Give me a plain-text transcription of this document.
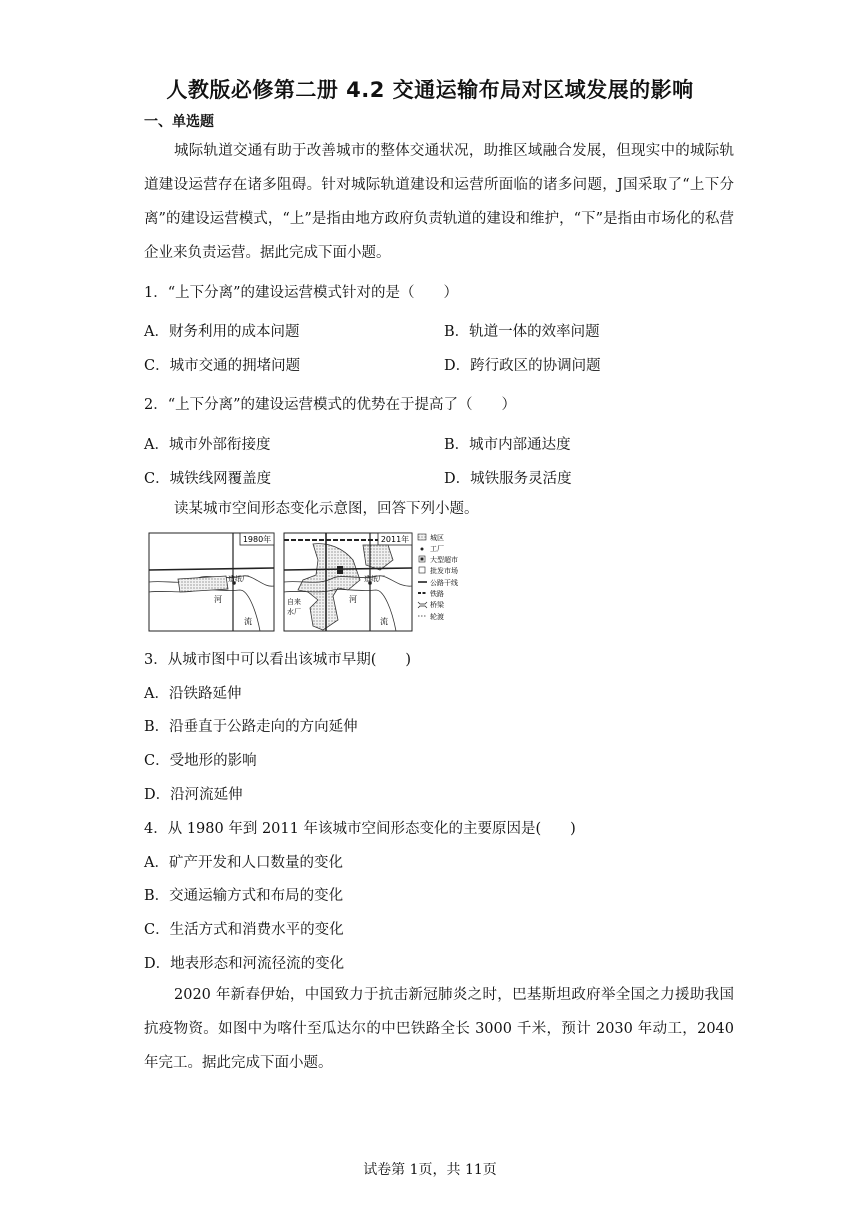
人教版必修第二册 4.2 交通运输布局对区域发展的影响
一、单选题
城际轨道交通有助于改善城市的整体交通状况，助推区域融合发展，但现实中的城际轨道建设运营存在诸多阻碍。针对城际轨道建设和运营所面临的诸多问题，J国采取了“上下分离”的建设运营模式，“上”是指由地方政府负责轨道的建设和维护，“下”是指由市场化的私营企业来负责运营。据此完成下面小题。
1．“上下分离”的建设运营模式针对的是（　　）
A．财务利用的成本问题	B．轨道一体的效率问题
C．城市交通的拥堵问题	D．跨行政区的协调问题
2．“上下分离”的建设运营模式的优势在于提高了（　　）
A．城市外部衔接度	B．城市内部通达度
C．城铁线网覆盖度	D．城铁服务灵活度
读某城市空间形态变化示意图，回答下列小题。
1980年
造纸厂
河
流
2011年
造纸厂
河
流
自来
水厂
城区
工厂
大型超市
批发市场
公路干线
铁路
桥梁
轮渡
3．从城市图中可以看出该城市早期(　　)
A．沿铁路延伸
B．沿垂直于公路走向的方向延伸
C．受地形的影响
D．沿河流延伸
4．从 1980 年到 2011 年该城市空间形态变化的主要原因是(　　)
A．矿产开发和人口数量的变化
B．交通运输方式和布局的变化
C．生活方式和消费水平的变化
D．地表形态和河流径流的变化
2020 年新春伊始，中国致力于抗击新冠肺炎之时，巴基斯坦政府举全国之力援助我国抗疫物资。如图中为喀什至瓜达尔的中巴铁路全长 3000 千米，预计 2030 年动工，2040 年完工。据此完成下面小题。
试卷第 1页，共 11页
